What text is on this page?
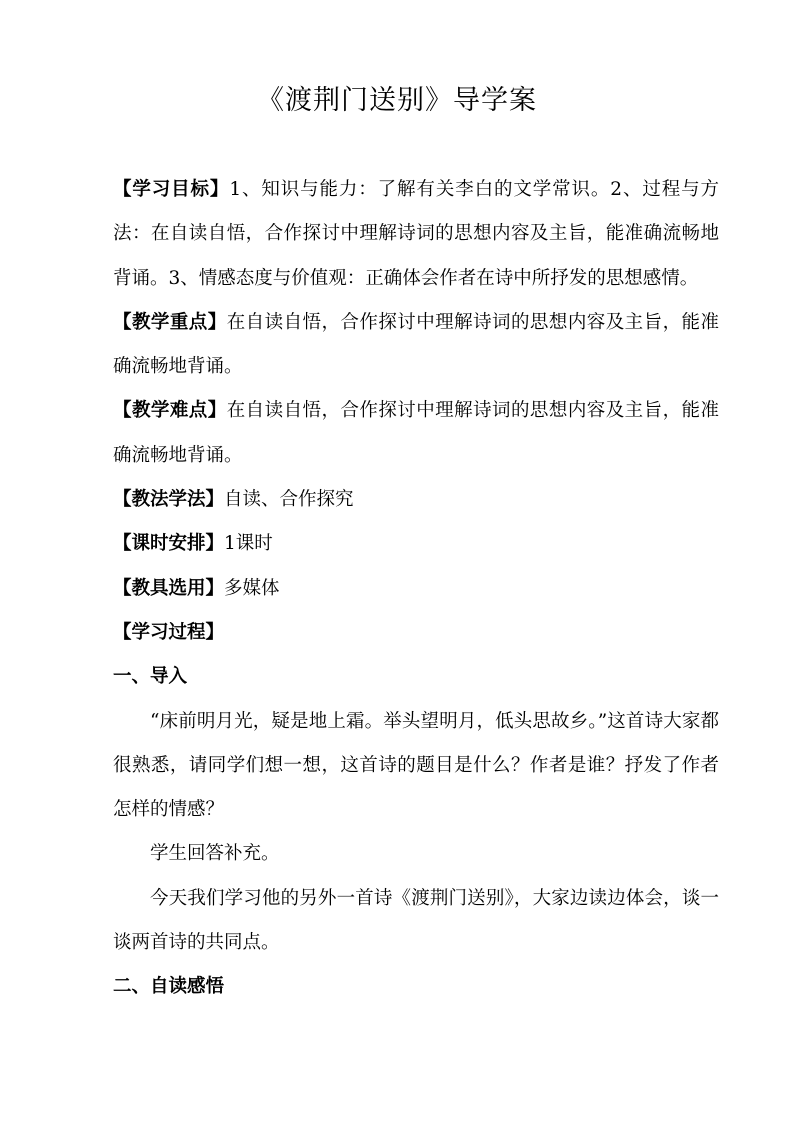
《渡荆门送别》导学案

【学习目标】1、知识与能力：了解有关李白的文学常识。2、过程与方法：在自读自悟，合作探讨中理解诗词的思想内容及主旨，能准确流畅地背诵。3、情感态度与价值观：正确体会作者在诗中所抒发的思想感情。

【教学重点】在自读自悟，合作探讨中理解诗词的思想内容及主旨，能准确流畅地背诵。

【教学难点】在自读自悟，合作探讨中理解诗词的思想内容及主旨，能准确流畅地背诵。

【教法学法】自读、合作探究

【课时安排】1课时

【教具选用】多媒体

【学习过程】

一、导入

“床前明月光，疑是地上霜。举头望明月，低头思故乡。”这首诗大家都很熟悉，请同学们想一想，这首诗的题目是什么？作者是谁？抒发了作者怎样的情感？

学生回答补充。

今天我们学习他的另外一首诗《渡荆门送别》，大家边读边体会，谈一谈两首诗的共同点。

二、自读感悟
